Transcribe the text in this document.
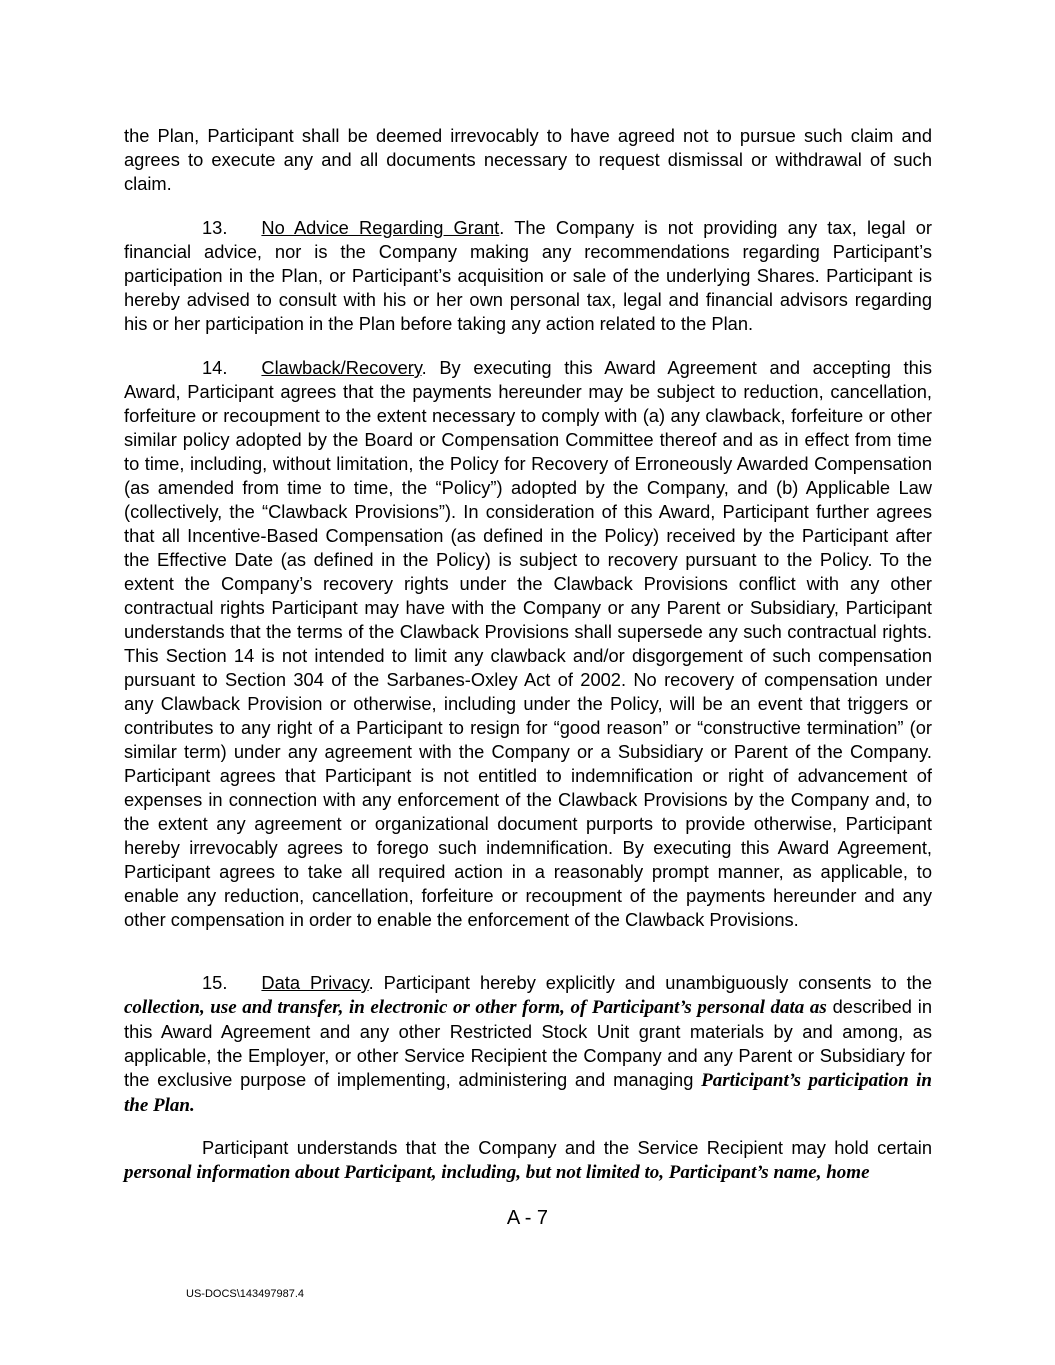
the Plan, Participant shall be deemed irrevocably to have agreed not to pursue such claim and agrees to execute any and all documents necessary to request dismissal or withdrawal of such claim.

13. No Advice Regarding Grant. The Company is not providing any tax, legal or financial advice, nor is the Company making any recommendations regarding Participant’s participation in the Plan, or Participant’s acquisition or sale of the underlying Shares. Participant is hereby advised to consult with his or her own personal tax, legal and financial advisors regarding his or her participation in the Plan before taking any action related to the Plan.

14. Clawback/Recovery. By executing this Award Agreement and accepting this Award, Participant agrees that the payments hereunder may be subject to reduction, cancellation, forfeiture or recoupment to the extent necessary to comply with (a) any clawback, forfeiture or other similar policy adopted by the Board or Compensation Committee thereof and as in effect from time to time, including, without limitation, the Policy for Recovery of Erroneously Awarded Compensation (as amended from time to time, the “Policy”) adopted by the Company, and (b) Applicable Law (collectively, the “Clawback Provisions”). In consideration of this Award, Participant further agrees that all Incentive-Based Compensation (as defined in the Policy) received by the Participant after the Effective Date (as defined in the Policy) is subject to recovery pursuant to the Policy. To the extent the Company’s recovery rights under the Clawback Provisions conflict with any other contractual rights Participant may have with the Company or any Parent or Subsidiary, Participant understands that the terms of the Clawback Provisions shall supersede any such contractual rights. This Section 14 is not intended to limit any clawback and/or disgorgement of such compensation pursuant to Section 304 of the Sarbanes-Oxley Act of 2002. No recovery of compensation under any Clawback Provision or otherwise, including under the Policy, will be an event that triggers or contributes to any right of a Participant to resign for “good reason” or “constructive termination” (or similar term) under any agreement with the Company or a Subsidiary or Parent of the Company. Participant agrees that Participant is not entitled to indemnification or right of advancement of expenses in connection with any enforcement of the Clawback Provisions by the Company and, to the extent any agreement or organizational document purports to provide otherwise, Participant hereby irrevocably agrees to forego such indemnification. By executing this Award Agreement, Participant agrees to take all required action in a reasonably prompt manner, as applicable, to enable any reduction, cancellation, forfeiture or recoupment of the payments hereunder and any other compensation in order to enable the enforcement of the Clawback Provisions.

15. Data Privacy. Participant hereby explicitly and unambiguously consents to the collection, use and transfer, in electronic or other form, of Participant’s personal data as described in this Award Agreement and any other Restricted Stock Unit grant materials by and among, as applicable, the Employer, or other Service Recipient the Company and any Parent or Subsidiary for the exclusive purpose of implementing, administering and managing Participant’s participation in the Plan.

Participant understands that the Company and the Service Recipient may hold certain personal information about Participant, including, but not limited to, Participant’s name, home

A - 7
US-DOCS\143497987.4
